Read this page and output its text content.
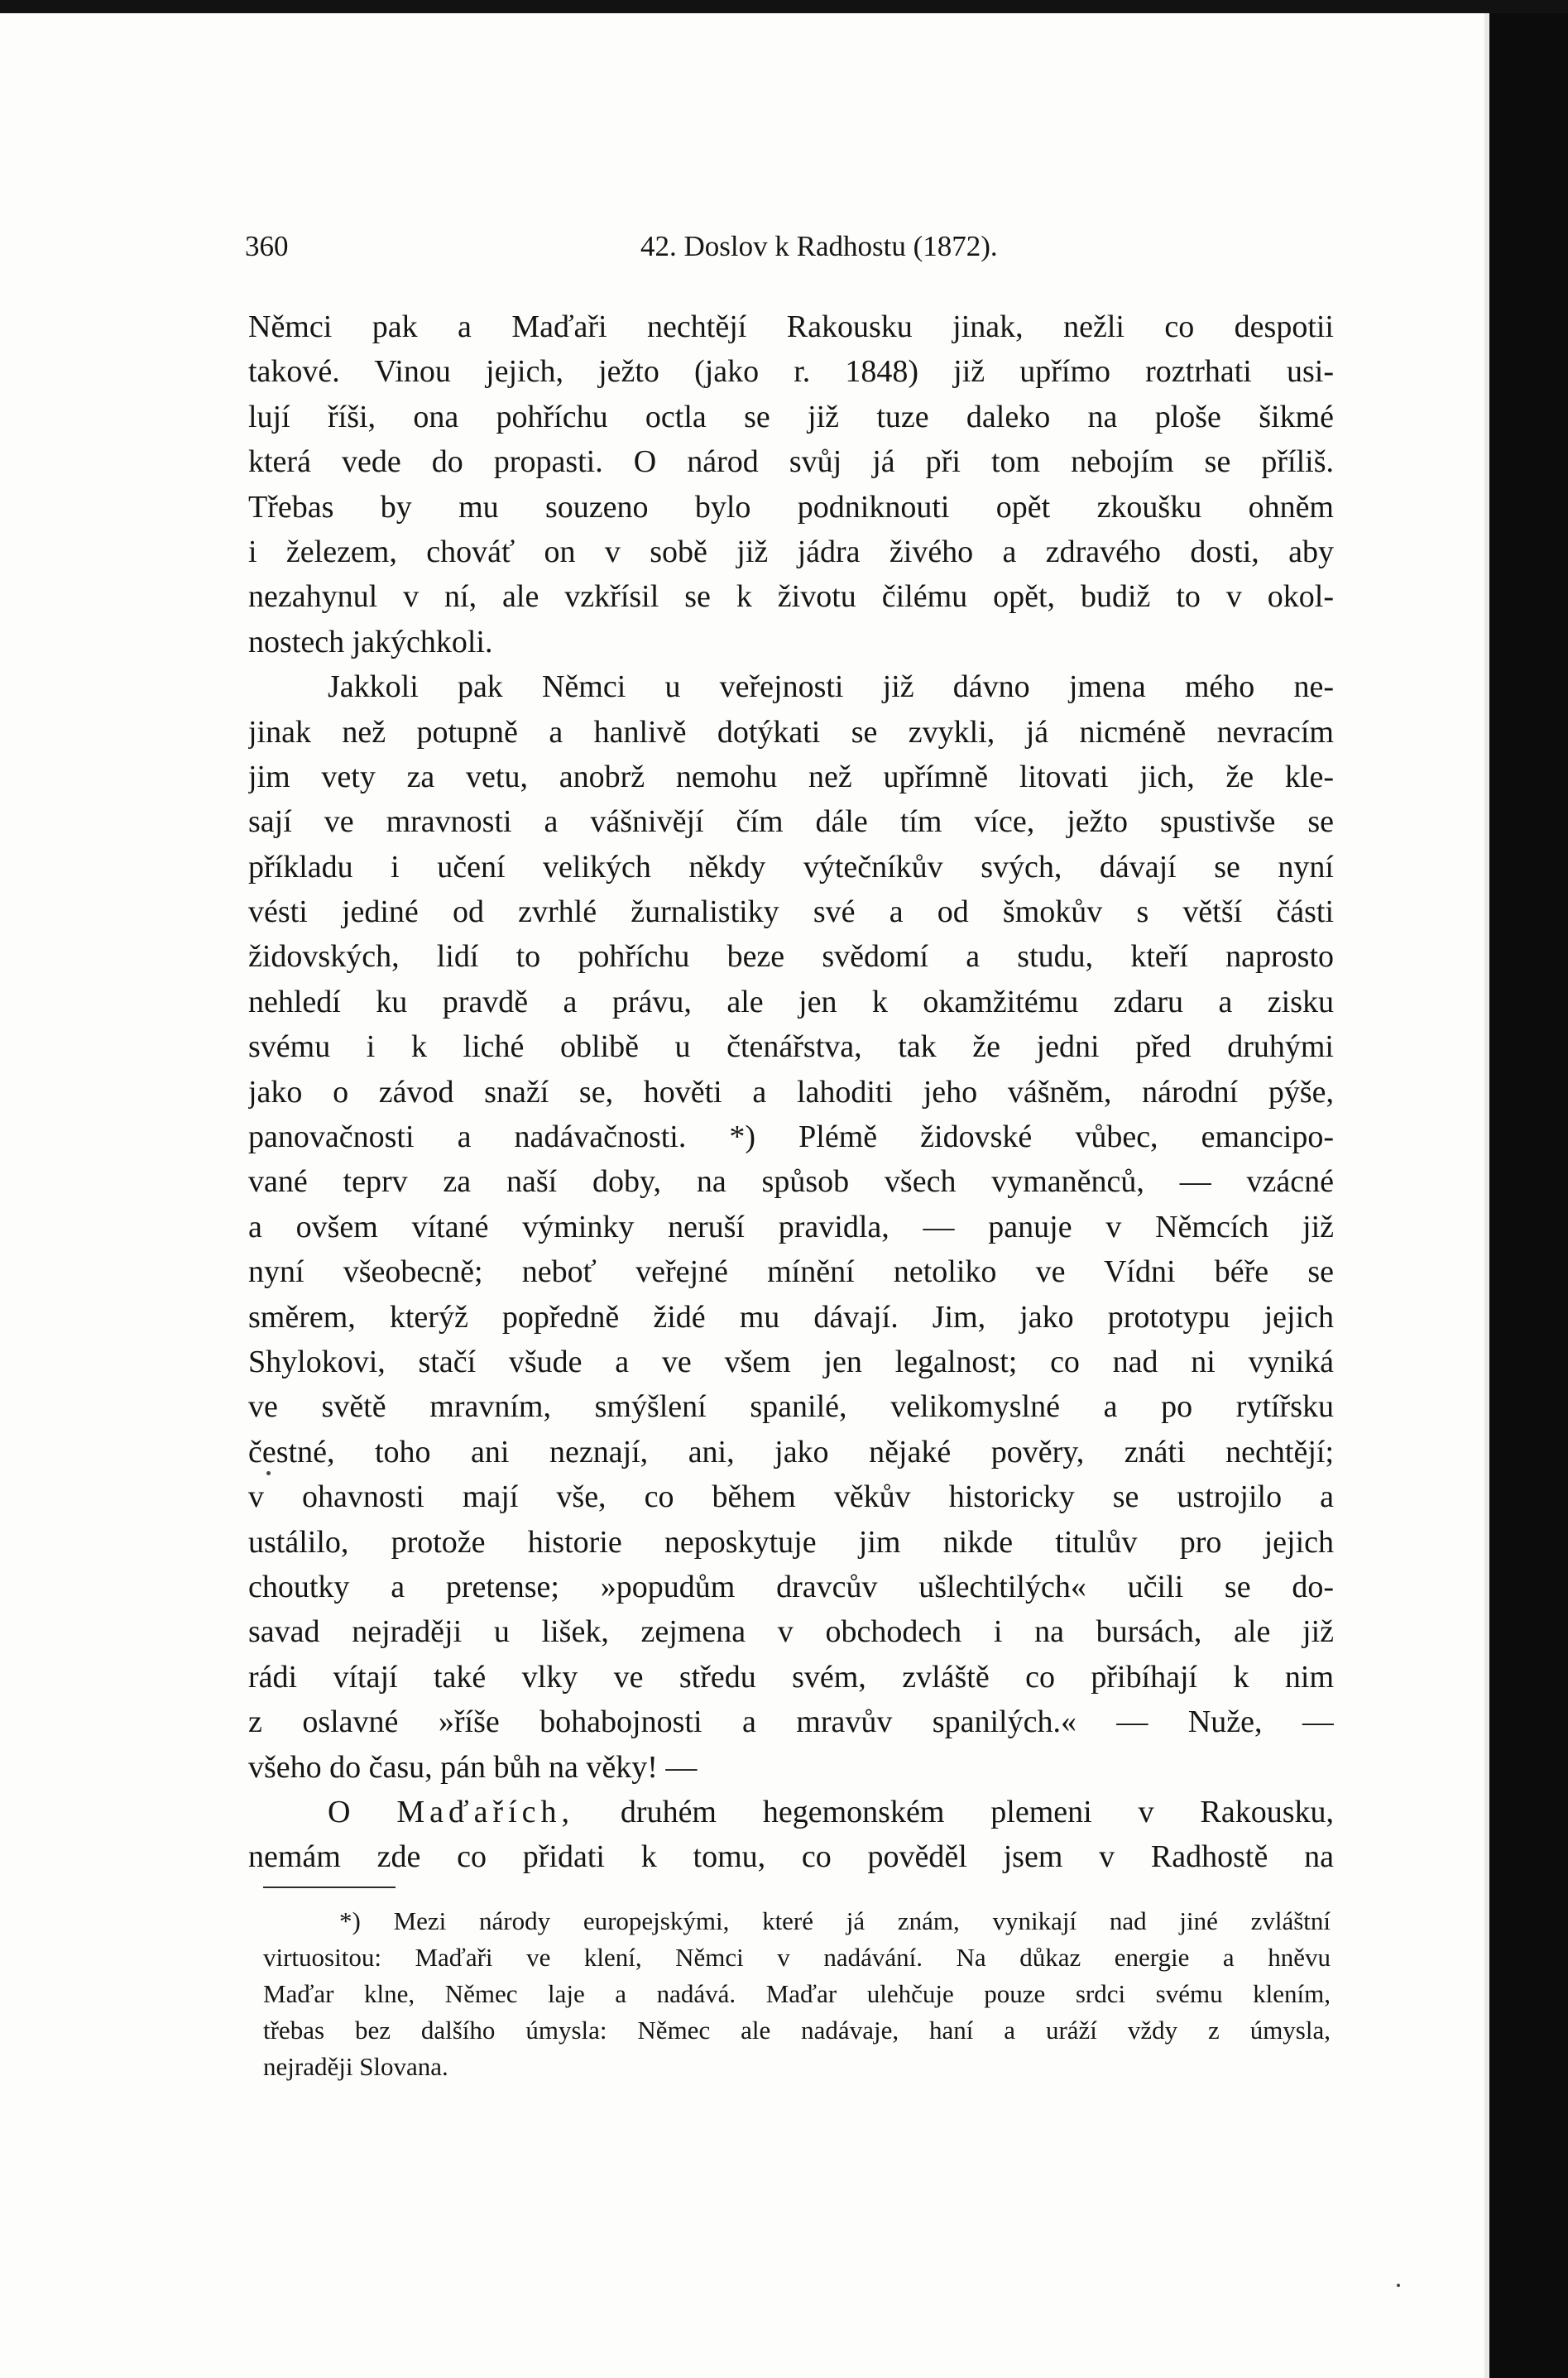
360	42. Doslov k Radhostu (1872).
Němci pak a Maďaři nechtějí Rakousku jinak, nežli co despotii
takové. Vinou jejich, ježto (jako r. 1848) již upřímo roztrhati usi-
lují říši, ona pohříchu octla se již tuze daleko na ploše šikmé
která vede do propasti. O národ svůj já při tom nebojím se příliš.
Třebas by mu souzeno bylo podniknouti opět zkoušku ohněm
i železem, chováť on v sobě již jádra živého a zdravého dosti, aby
nezahynul v ní, ale vzkřísil se k životu čilému opět, budiž to v okol-
nostech jakýchkoli.
Jakkoli pak Němci u veřejnosti již dávno jmena mého ne-
jinak než potupně a hanlivě dotýkati se zvykli, já nicméně nevracím
jim vety za vetu, anobrž nemohu než upřímně litovati jich, že kle-
sají ve mravnosti a vášnivějí čím dále tím více, ježto spustivše se
příkladu i učení velikých někdy výtečníkův svých, dávají se nyní
vésti jediné od zvrhlé žurnalistiky své a od šmokův s větší části
židovských, lidí to pohříchu beze svědomí a studu, kteří naprosto
nehledí ku pravdě a právu, ale jen k okamžitému zdaru a zisku
svému i k liché oblibě u čtenářstva, tak že jedni před druhými
jako o závod snaží se, hověti a lahoditi jeho vášněm, národní pýše,
panovačnosti a nadávačnosti. *) Plémě židovské vůbec, emancipo-
vané teprv za naší doby, na spůsob všech vymaněnců, — vzácné
a ovšem vítané výminky neruší pravidla, — panuje v Němcích již
nyní všeobecně; neboť veřejné mínění netoliko ve Vídni béře se
směrem, kterýž popředně židé mu dávají. Jim, jako prototypu jejich
Shylokovi, stačí všude a ve všem jen legalnost; co nad ni vyniká
ve světě mravním, smýšlení spanilé, velikomyslné a po rytířsku
čestné, toho ani neznají, ani, jako nějaké pověry, znáti nechtějí;
v ohavnosti mají vše, co během věkův historicky se ustrojilo a
ustálilo, protože historie neposkytuje jim nikde titulův pro jejich
choutky a pretense; »popudům dravcův ušlechtilých« učili se do-
savad nejraději u lišek, zejmena v obchodech i na bursách, ale již
rádi vítají také vlky ve středu svém, zvláště co přibíhají k nim
z oslavné »říše bohabojnosti a mravův spanilých.« — Nuže, —
všeho do času, pán bůh na věky! —
O Maďařích, druhém hegemonském plemeni v Rakousku,
nemám zde co přidati k tomu, co pověděl jsem v Radhostě na
*) Mezi národy europejskými, které já znám, vynikají nad jiné zvláštní
virtuositou: Maďaři ve klení, Němci v nadávání. Na důkaz energie a hněvu
Maďar klne, Němec laje a nadává. Maďar ulehčuje pouze srdci svému klením,
třebas bez dalšího úmysla: Němec ale nadávaje, haní a uráží vždy z úmysla,
nejraději Slovana.
